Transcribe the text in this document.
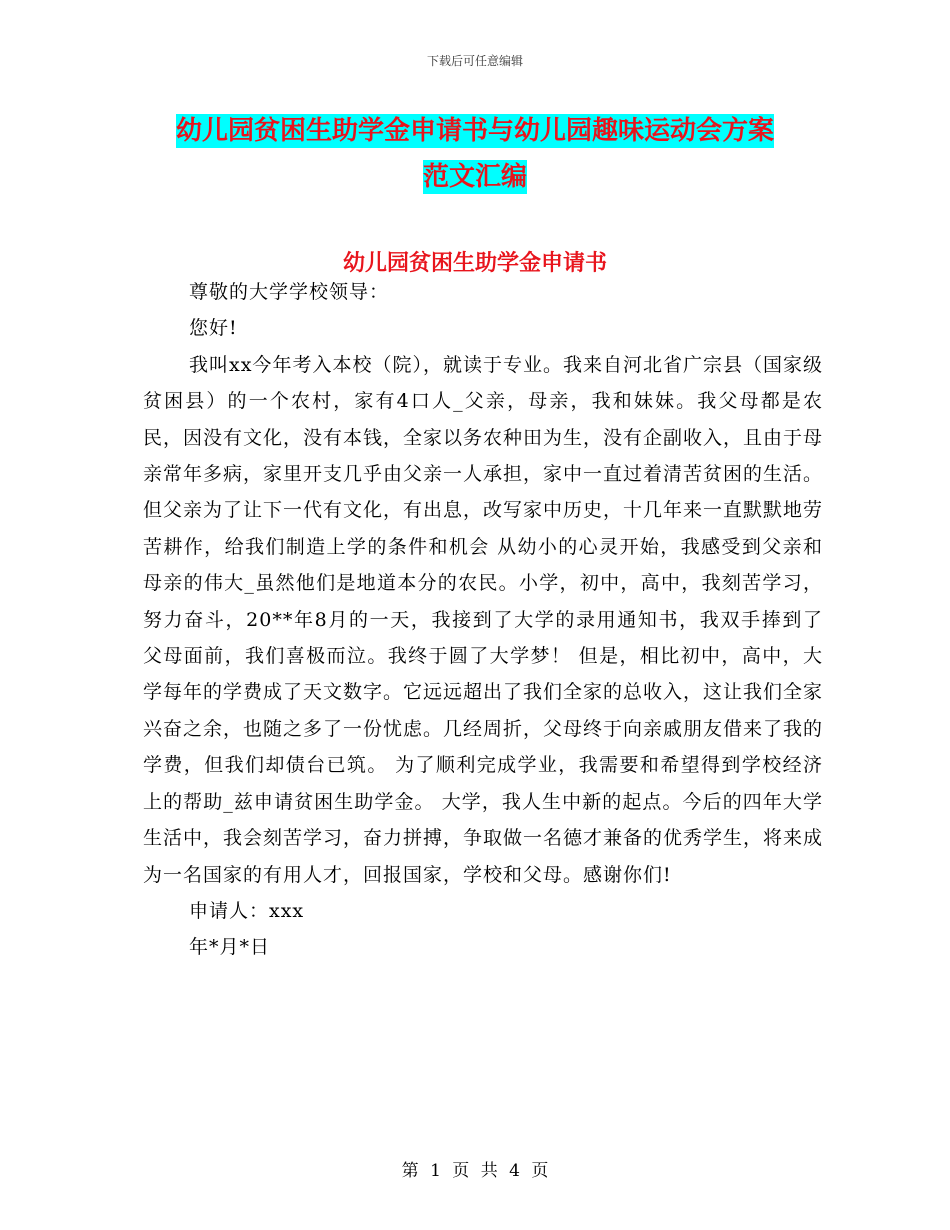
下载后可任意编辑
幼儿园贫困生助学金申请书与幼儿园趣味运动会方案
范文汇编
幼儿园贫困生助学金申请书

尊敬的大学学校领导：

您好!

我叫xx今年考入本校（院），就读于专业。我来自河北省广宗县（国家级贫困县）的一个农村，家有4口人_父亲，母亲，我和妹妹。我父母都是农民，因没有文化，没有本钱，全家以务农种田为生，没有企副收入，且由于母亲常年多病，家里开支几乎由父亲一人承担，家中一直过着清苦贫困的生活。 但父亲为了让下一代有文化，有出息，改写家中历史，十几年来一直默默地劳苦耕作，给我们制造上学的条件和机会 从幼小的心灵开始，我感受到父亲和母亲的伟大_虽然他们是地道本分的农民。小学，初中，高中，我刻苦学习，努力奋斗，20**年8月的一天，我接到了大学的录用通知书，我双手捧到了父母面前，我们喜极而泣。我终于圆了大学梦！ 但是，相比初中，高中，大学每年的学费成了天文数字。它远远超出了我们全家的总收入，这让我们全家兴奋之余，也随之多了一份忧虑。几经周折，父母终于向亲戚朋友借来了我的学费，但我们却债台已筑。 为了顺利完成学业，我需要和希望得到学校经济上的帮助_兹申请贫困生助学金。 大学，我人生中新的起点。今后的四年大学生活中，我会刻苦学习，奋力拼搏，争取做一名德才兼备的优秀学生，将来成为一名国家的有用人才，回报国家，学校和父母。感谢你们!

申请人：xxx

年*月*日

第 1 页 共 4 页
